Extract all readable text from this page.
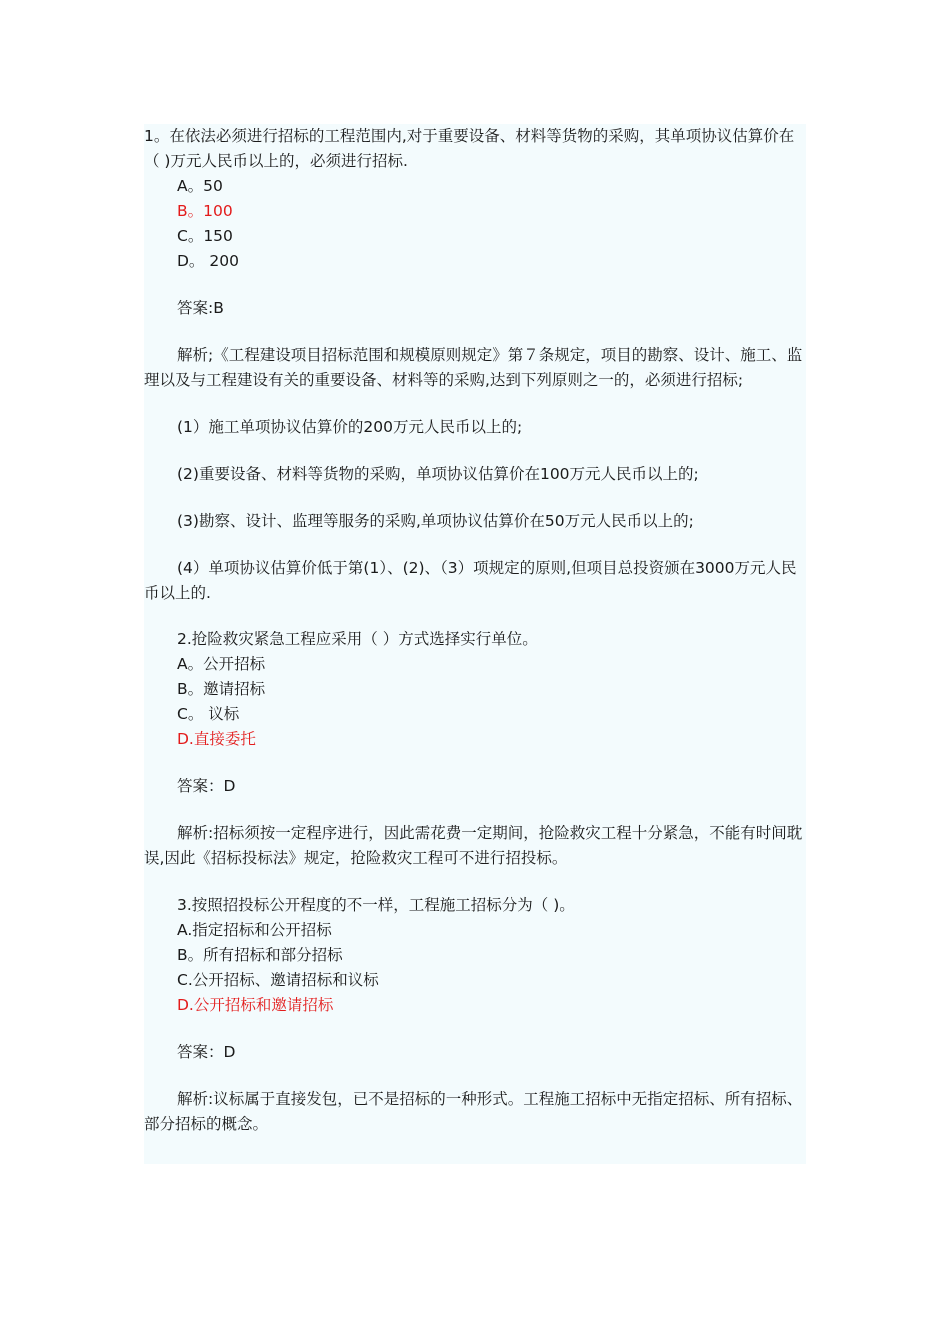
1。在依法必须进行招标的工程范围内,对于重要设备、材料等货物的采购，其单项协议估算价在（ )万元人民币以上的，必须进行招标.

A。50

B。100

C。150

D。 200

答案:B

解析;《工程建设项目招标范围和规模原则规定》第７条规定，项目的勘察、设计、施工、监理以及与工程建设有关的重要设备、材料等的采购,达到下列原则之一的，必须进行招标;

(1）施工单项协议估算价的200万元人民币以上的;

(2)重要设备、材料等货物的采购，单项协议估算价在100万元人民币以上的;

(3)勘察、设计、监理等服务的采购,单项协议估算价在50万元人民币以上的;

(4）单项协议估算价低于第(1）、(2)、（3）项规定的原则,但项目总投资颁在3000万元人民币以上的.

2.抢险救灾紧急工程应采用（ ）方式选择实行单位。

A。公开招标

B。邀请招标

C。 议标

D.直接委托

答案：D

解析:招标须按一定程序进行，因此需花费一定期间，抢险救灾工程十分紧急，不能有时间耽误,因此《招标投标法》规定，抢险救灾工程可不进行招投标。

3.按照招投标公开程度的不一样，工程施工招标分为（ )。

A.指定招标和公开招标

B。所有招标和部分招标

C.公开招标、邀请招标和议标

D.公开招标和邀请招标

答案：D

解析:议标属于直接发包，已不是招标的一种形式。工程施工招标中无指定招标、所有招标、部分招标的概念。
